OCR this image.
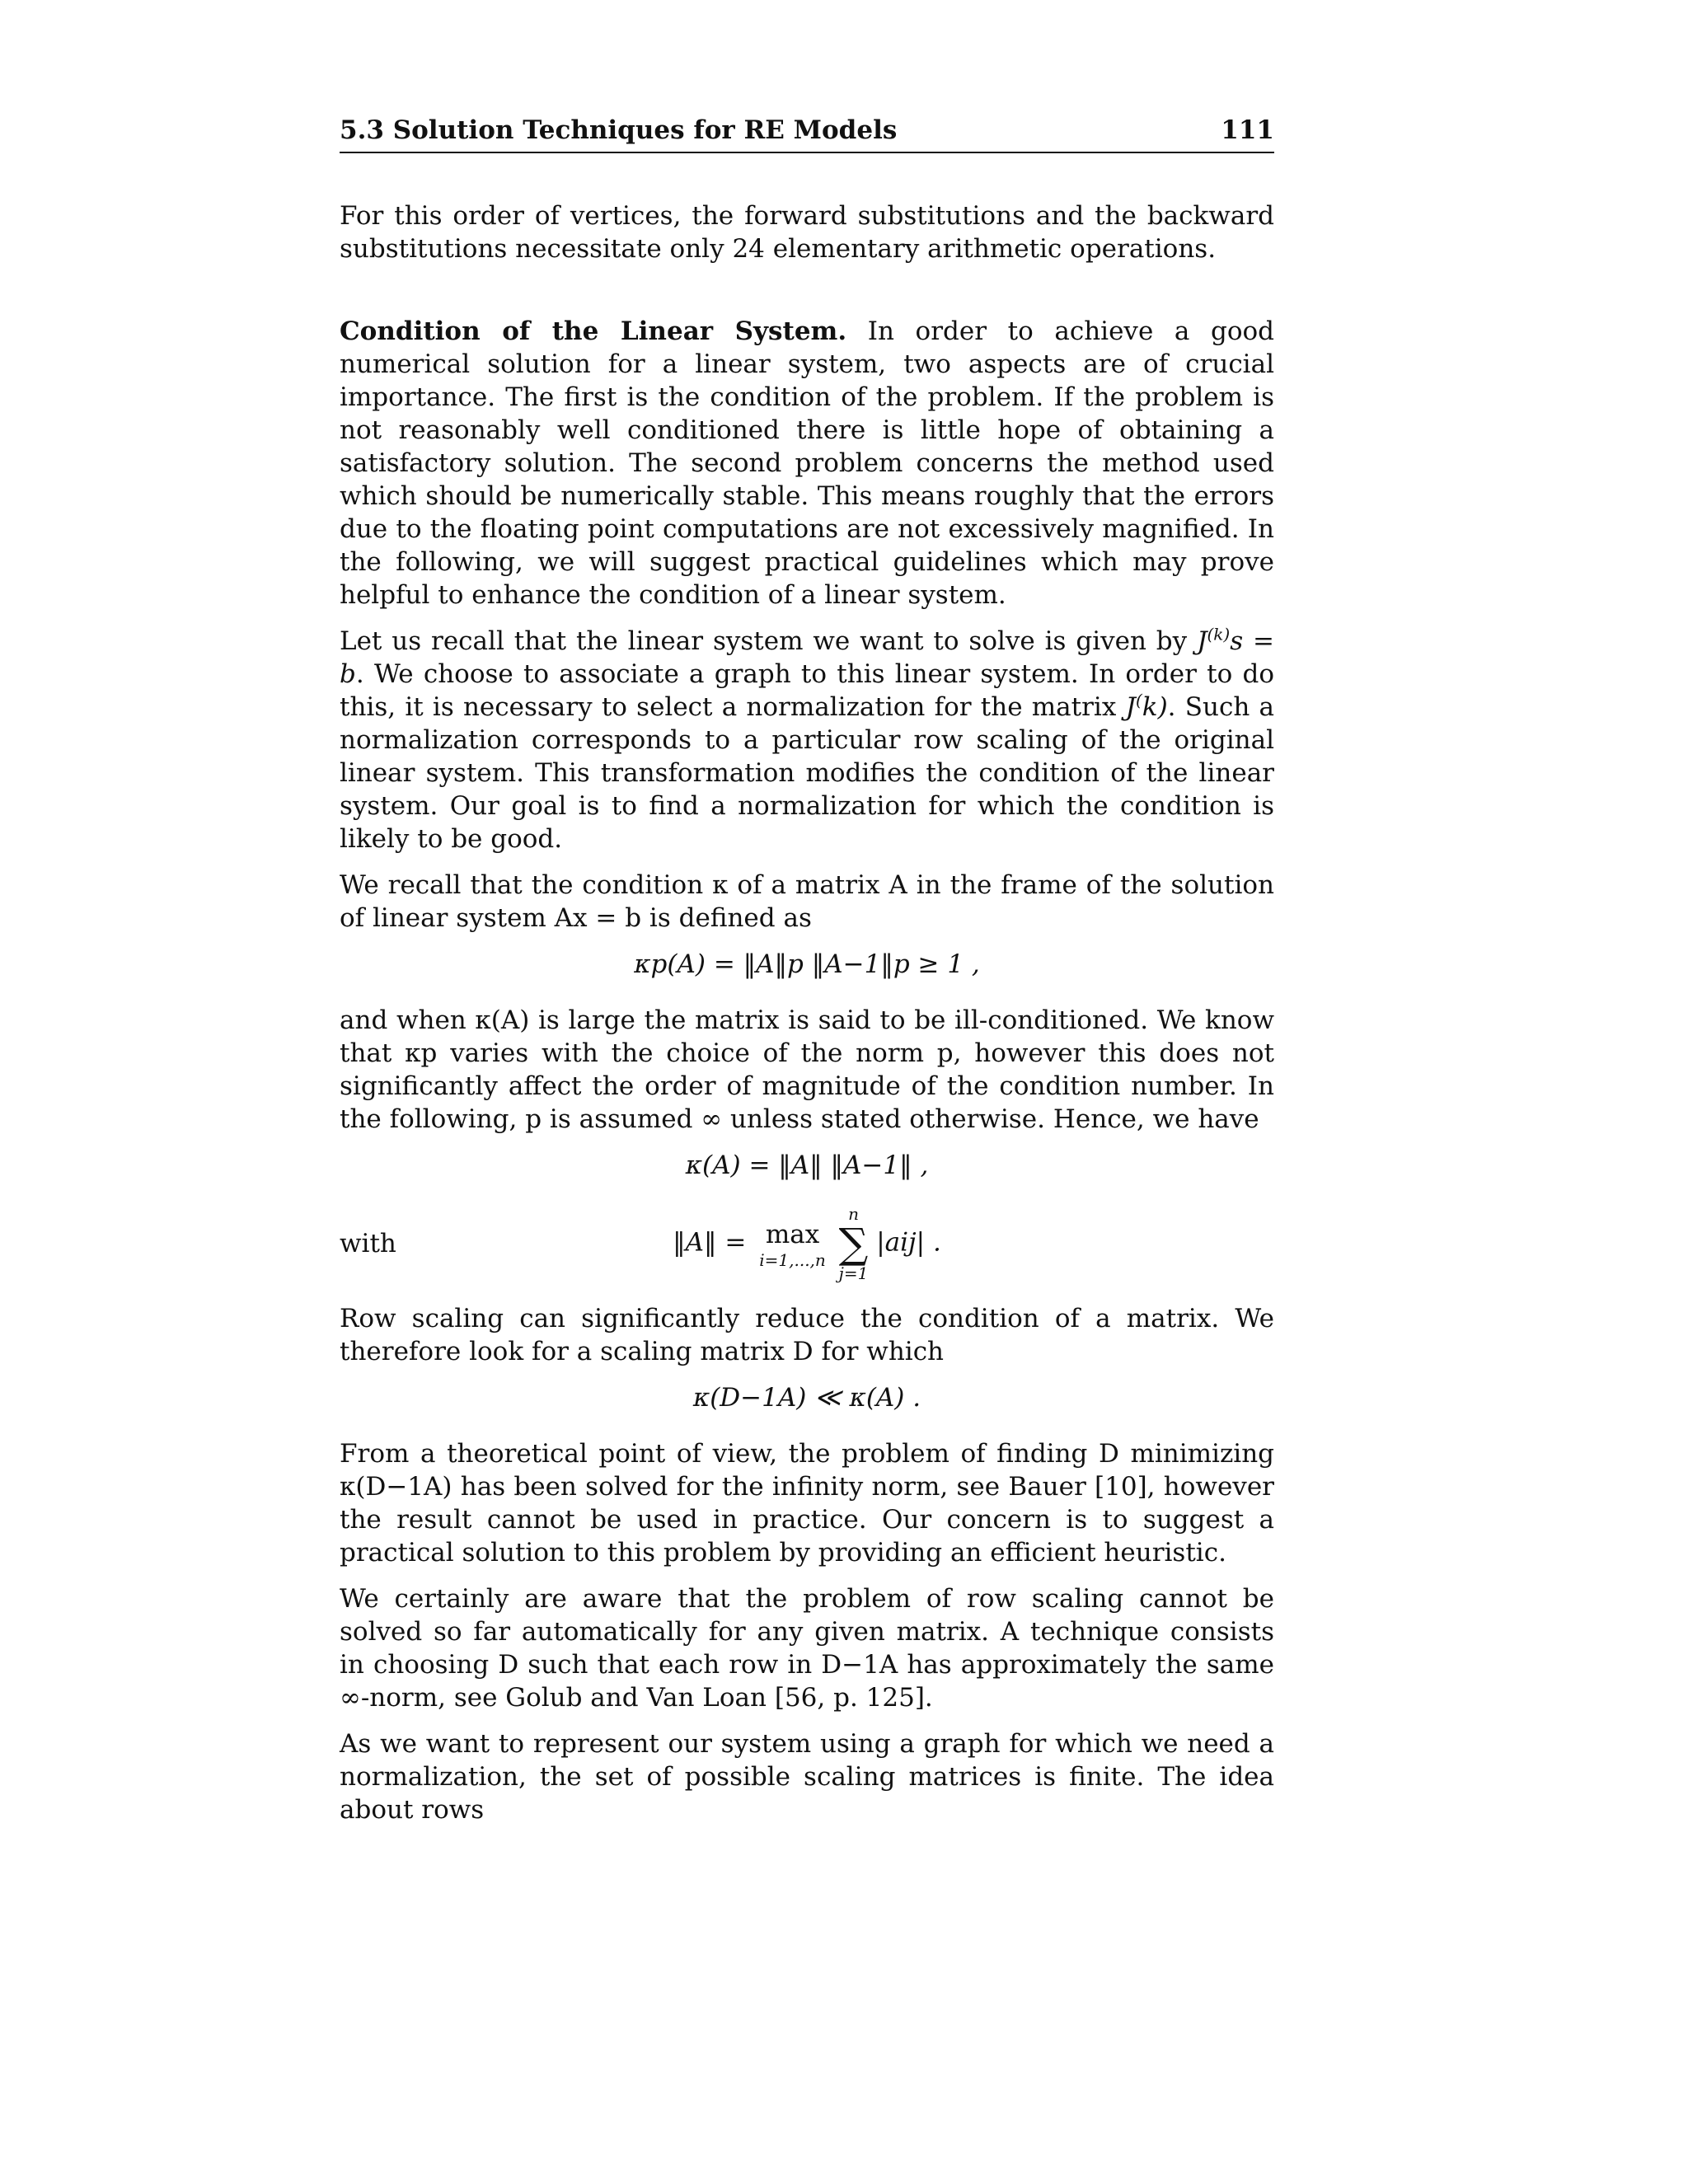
5.3 Solution Techniques for RE Models	111

For this order of vertices, the forward substitutions and the backward substitutions necessitate only 24 elementary arithmetic operations.

Condition of the Linear System. In order to achieve a good numerical solution for a linear system, two aspects are of crucial importance. The first is the condition of the problem. If the problem is not reasonably well conditioned there is little hope of obtaining a satisfactory solution. The second problem concerns the method used which should be numerically stable. This means roughly that the errors due to the floating point computations are not excessively magnified. In the following, we will suggest practical guidelines which may prove helpful to enhance the condition of a linear system.

Let us recall that the linear system we want to solve is given by $J^{(k)}s = b$. We choose to associate a graph to this linear system. In order to do this, it is necessary to select a normalization for the matrix J(k). Such a normalization corresponds to a particular row scaling of the original linear system. This transformation modifies the condition of the linear system. Our goal is to find a normalization for which the condition is likely to be good.

We recall that the condition κ of a matrix A in the frame of the solution of linear system Ax = b is defined as

κp(A) = ‖A‖p ‖A−1‖p ≥ 1 ,

and when κ(A) is large the matrix is said to be ill-conditioned. We know that κp varies with the choice of the norm p, however this does not significantly affect the order of magnitude of the condition number. In the following, p is assumed ∞ unless stated otherwise. Hence, we have

κ(A) = ‖A‖ ‖A−1‖ ,
with	‖A‖ = max
i=1,...,n

n
∑
j=1
|aij| .

Row scaling can significantly reduce the condition of a matrix. We therefore look for a scaling matrix D for which

κ(D−1A) ≪ κ(A) .

From a theoretical point of view, the problem of finding D minimizing κ(D−1A) has been solved for the infinity norm, see Bauer [10], however the result cannot be used in practice. Our concern is to suggest a practical solution to this problem by providing an efficient heuristic.

We certainly are aware that the problem of row scaling cannot be solved so far automatically for any given matrix. A technique consists in choosing D such that each row in D−1A has approximately the same ∞-norm, see Golub and Van Loan [56, p. 125].

As we want to represent our system using a graph for which we need a normalization, the set of possible scaling matrices is finite. The idea about rows
